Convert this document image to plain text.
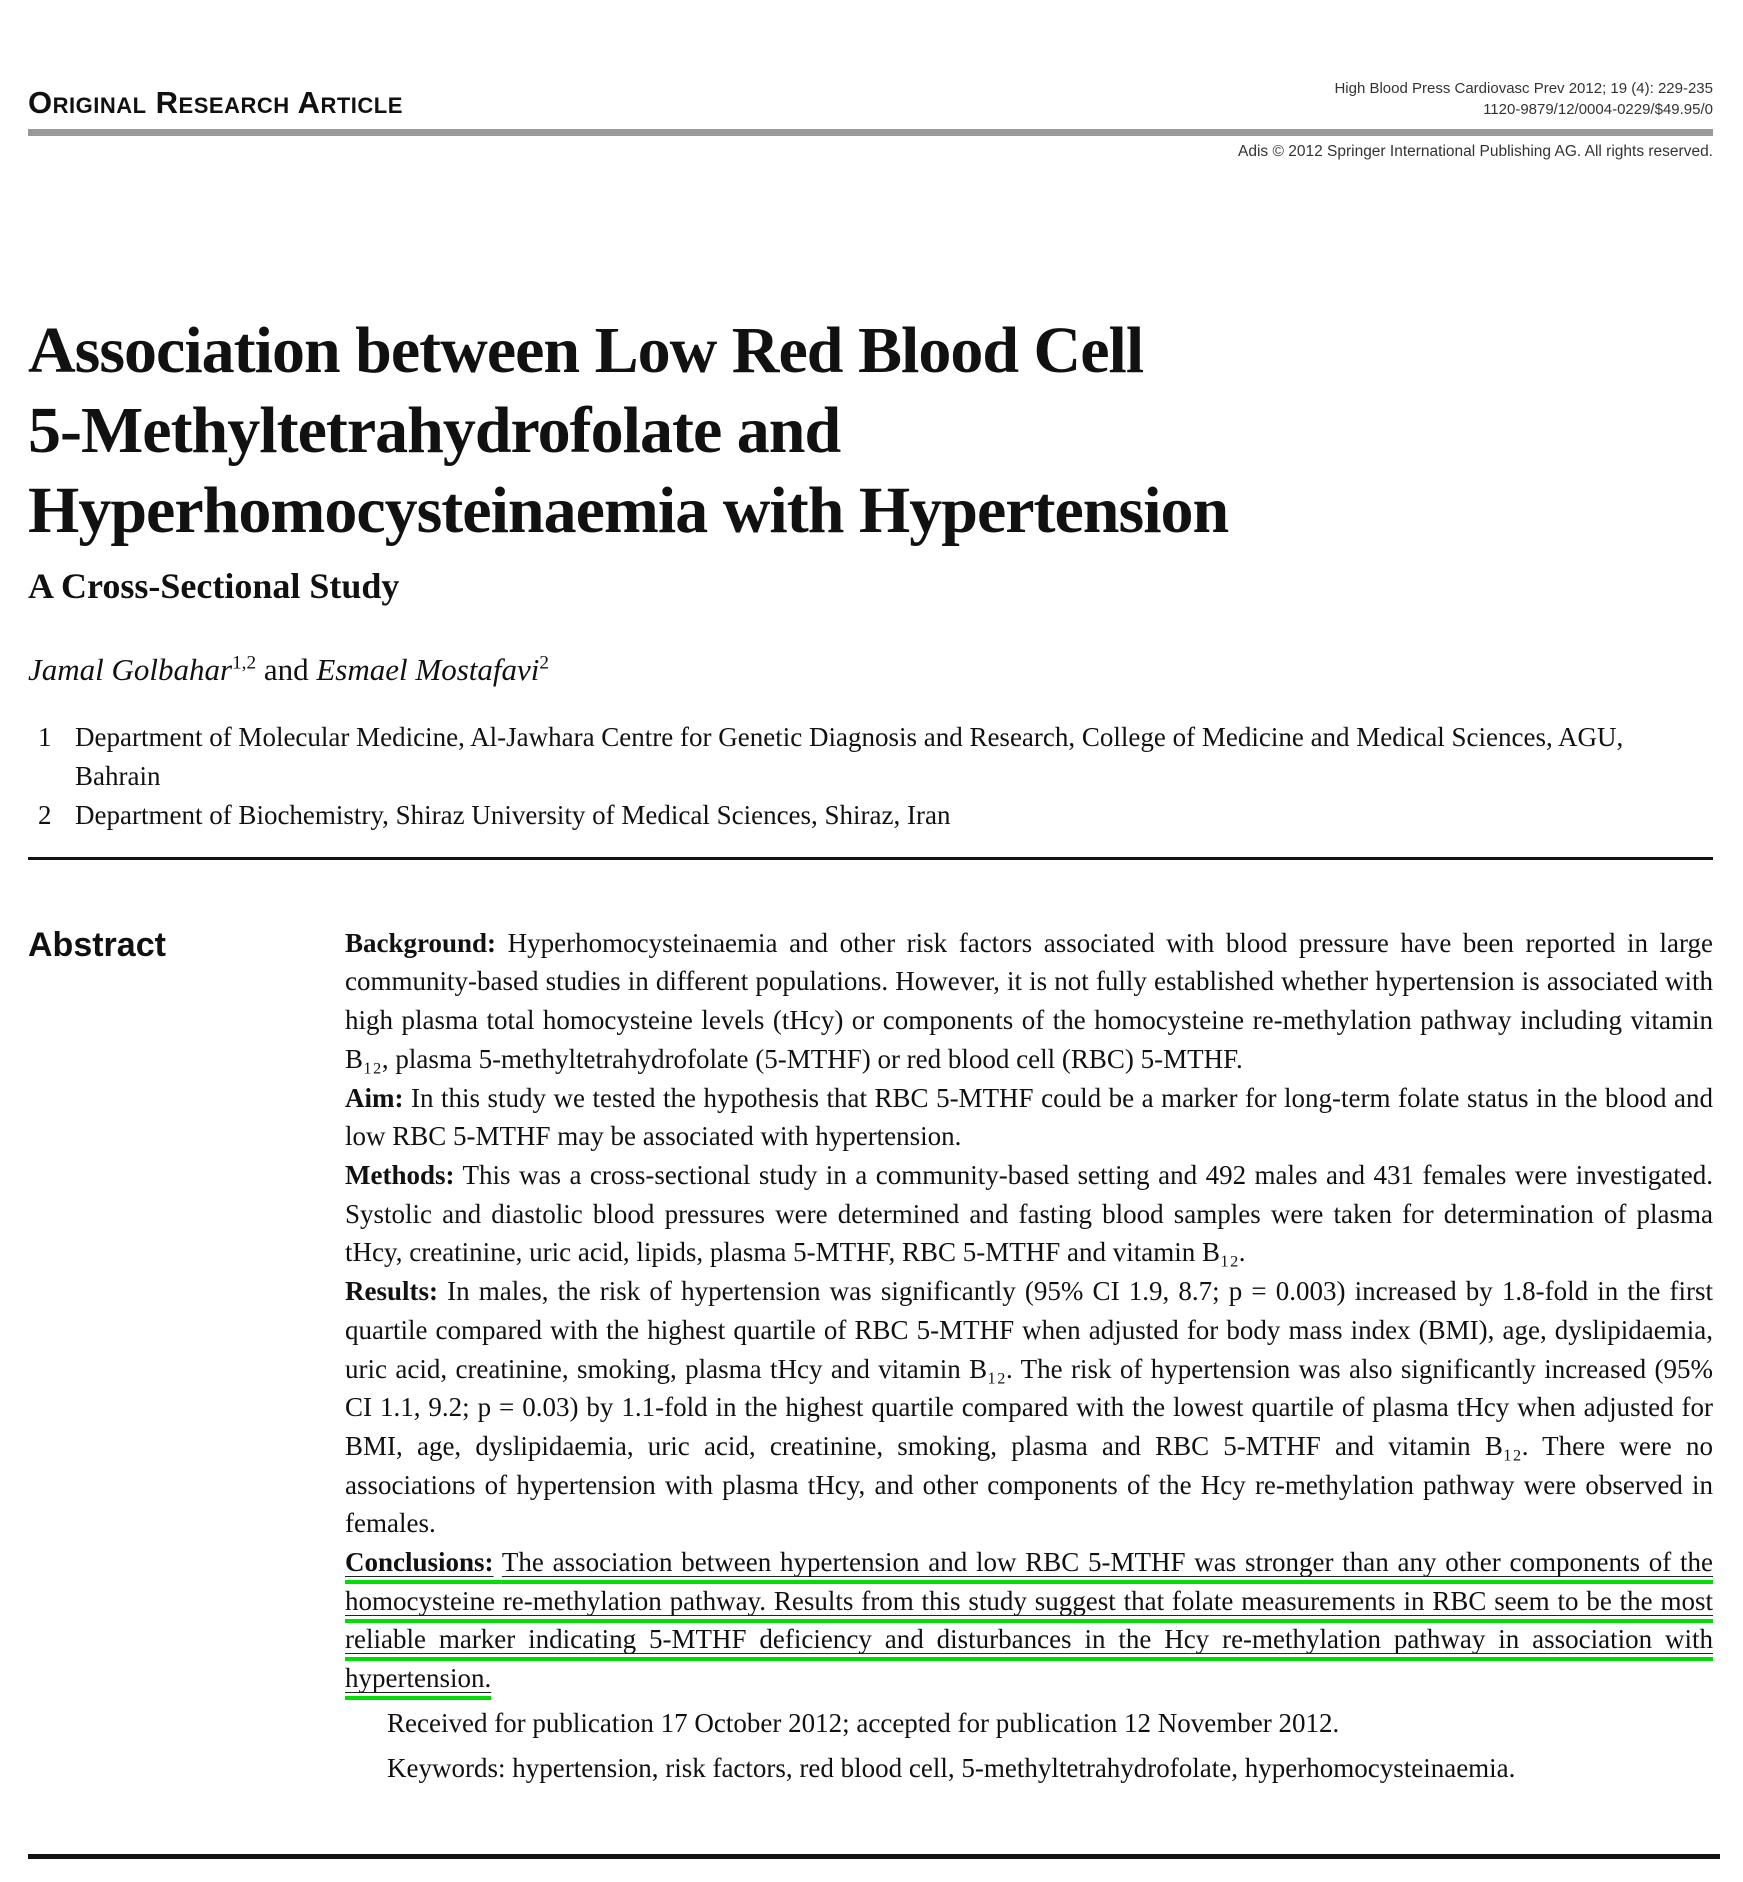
Original Research Article	High Blood Press Cardiovasc Prev 2012; 19 (4): 229-235
1120-9879/12/0004-0229/$49.95/0
Adis © 2012 Springer International Publishing AG. All rights reserved.
Association between Low Red Blood Cell
5-Methyltetrahydrofolate and
Hyperhomocysteinaemia with Hypertension
A Cross-Sectional Study
Jamal Golbahar$^{1,2}$ and Esmael Mostafavi$^2$
1 Department of Molecular Medicine, Al-Jawhara Centre for Genetic Diagnosis and Research, College of Medicine and Medical Sciences, AGU, Bahrain
2 Department of Biochemistry, Shiraz University of Medical Sciences, Shiraz, Iran
Abstract	Background: Hyperhomocysteinaemia and other risk factors associated with blood pressure have been reported in large community-based studies in different populations. However, it is not fully established whether hypertension is associated with high plasma total homocysteine levels (tHcy) or components of the homocysteine re-methylation pathway including vitamin B₁₂, plasma 5-methyltetrahydrofolate (5-MTHF) or red blood cell (RBC) 5-MTHF.

Aim: In this study we tested the hypothesis that RBC 5-MTHF could be a marker for long-term folate status in the blood and low RBC 5-MTHF may be associated with hypertension.

Methods: This was a cross-sectional study in a community-based setting and 492 males and 431 females were investigated. Systolic and diastolic blood pressures were determined and fasting blood samples were taken for determination of plasma tHcy, creatinine, uric acid, lipids, plasma 5-MTHF, RBC 5-MTHF and vitamin B₁₂.

Results: In males, the risk of hypertension was significantly (95% CI 1.9, 8.7; p = 0.003) increased by 1.8-fold in the first quartile compared with the highest quartile of RBC 5-MTHF when adjusted for body mass index (BMI), age, dyslipidaemia, uric acid, creatinine, smoking, plasma tHcy and vitamin B₁₂. The risk of hypertension was also significantly increased (95% CI 1.1, 9.2; p = 0.03) by 1.1-fold in the highest quartile compared with the lowest quartile of plasma tHcy when adjusted for BMI, age, dyslipidaemia, uric acid, creatinine, smoking, plasma and RBC 5-MTHF and vitamin B₁₂. There were no associations of hypertension with plasma tHcy, and other components of the Hcy re-methylation pathway were observed in females.

Conclusions: The association between hypertension and low RBC 5-MTHF was stronger than any other components of the homocysteine re-methylation pathway. Results from this study suggest that folate measurements in RBC seem to be the most reliable marker indicating 5-MTHF deficiency and disturbances in the Hcy re-methylation pathway in association with hypertension.

Received for publication 17 October 2012; accepted for publication 12 November 2012.

Keywords: hypertension, risk factors, red blood cell, 5-methyltetrahydrofolate, hyperhomocysteinaemia.
